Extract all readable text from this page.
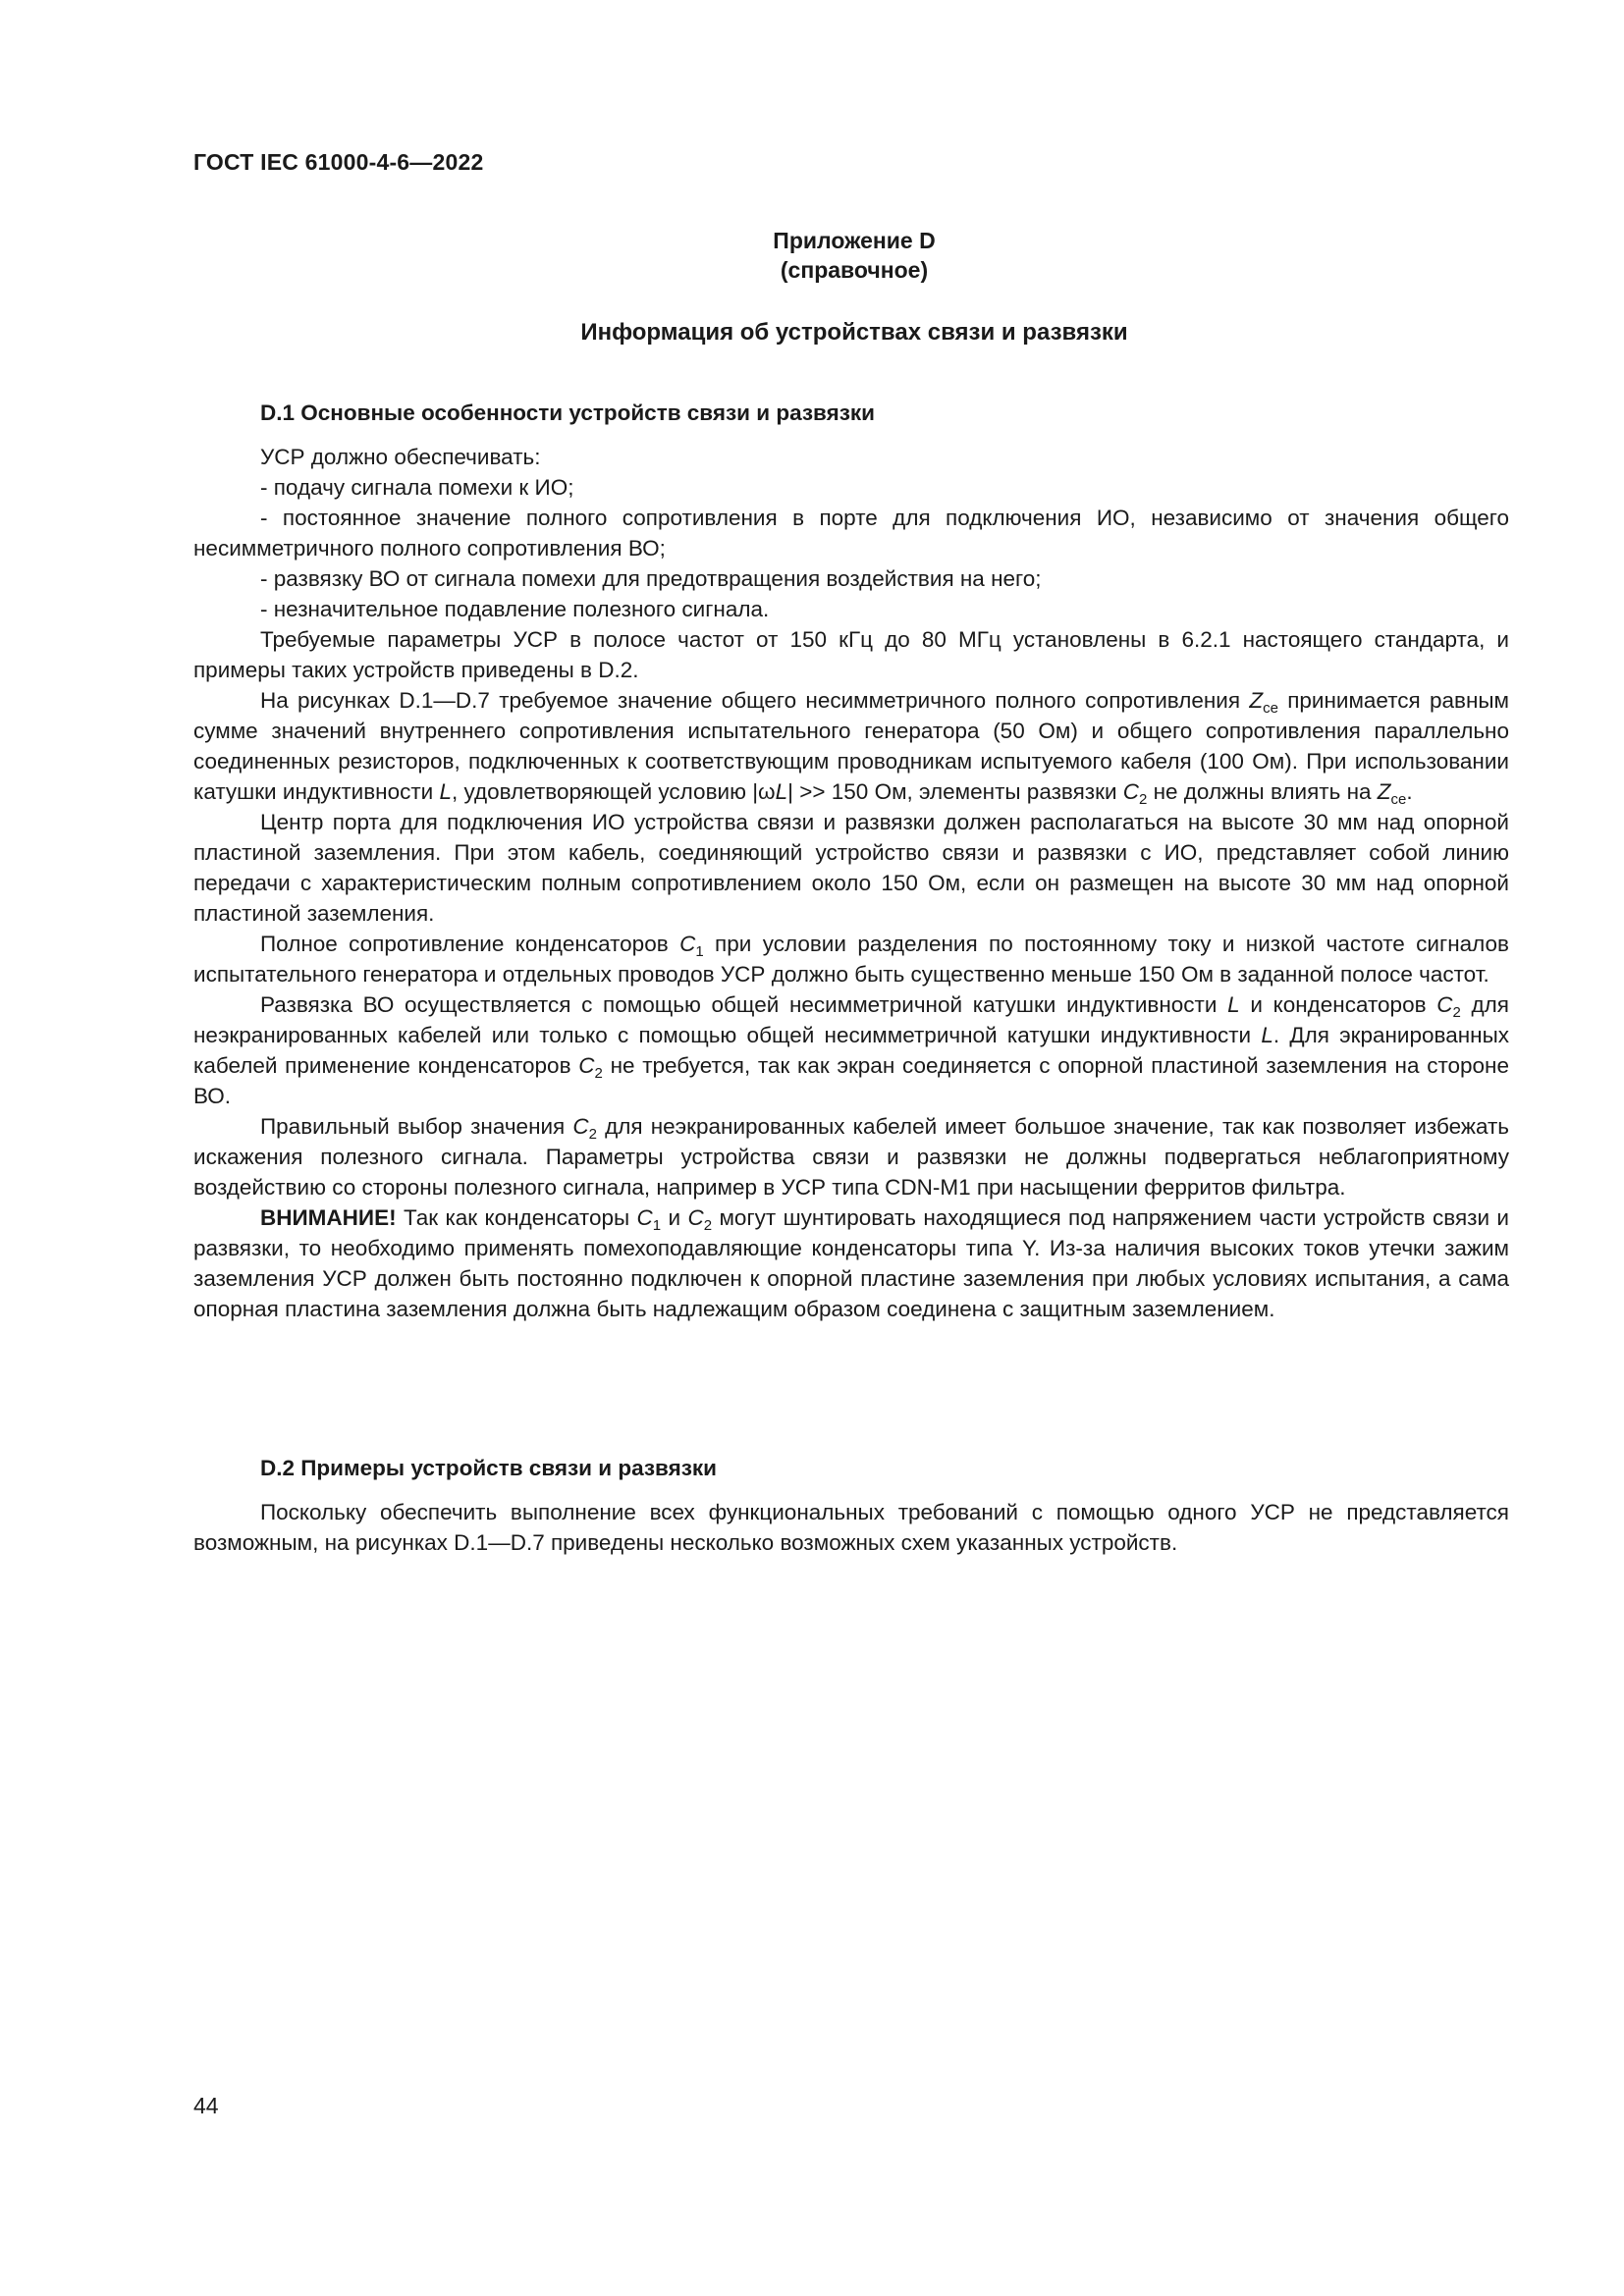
ГОСТ IEC 61000-4-6—2022
Приложение D
(справочное)
Информация об устройствах связи и развязки
D.1 Основные особенности устройств связи и развязки

УСР должно обеспечивать:

- подачу сигнала помехи к ИО;

- постоянное значение полного сопротивления в порте для подключения ИО, независимо от значения общего несимметричного полного сопротивления ВО;

- развязку ВО от сигнала помехи для предотвращения воздействия на него;

- незначительное подавление полезного сигнала.

Требуемые параметры УСР в полосе частот от 150 кГц до 80 МГц установлены в 6.2.1 настоящего стандарта, и примеры таких устройств приведены в D.2.

На рисунках D.1—D.7 требуемое значение общего несимметричного полного сопротивления $Z_{ce}$ принимается равным сумме значений внутреннего сопротивления испытательного генератора (50 Ом) и общего сопротивления параллельно соединенных резисторов, подключенных к соответствующим проводникам испытуемого кабеля (100 Ом). При использовании катушки индуктивности L, удовлетворяющей условию |ωL| >> 150 Ом, элементы развязки $C_2$ не должны влиять на $Z_{ce}$.

Центр порта для подключения ИО устройства связи и развязки должен располагаться на высоте 30 мм над опорной пластиной заземления. При этом кабель, соединяющий устройство связи и развязки с ИО, представляет собой линию передачи с характеристическим полным сопротивлением около 150 Ом, если он размещен на высоте 30 мм над опорной пластиной заземления.

Полное сопротивление конденсаторов $C_1$ при условии разделения по постоянному току и низкой частоте сигналов испытательного генератора и отдельных проводов УСР должно быть существенно меньше 150 Ом в заданной полосе частот.

Развязка ВО осуществляется с помощью общей несимметричной катушки индуктивности L и конденсаторов $C_2$ для неэкранированных кабелей или только с помощью общей несимметричной катушки индуктивности L. Для экранированных кабелей применение конденсаторов $C_2$ не требуется, так как экран соединяется с опорной пластиной заземления на стороне ВО.

Правильный выбор значения $C_2$ для неэкранированных кабелей имеет большое значение, так как позволяет избежать искажения полезного сигнала. Параметры устройства связи и развязки не должны подвергаться неблагоприятному воздействию со стороны полезного сигнала, например в УСР типа CDN-M1 при насыщении ферритов фильтра.

ВНИМАНИЕ! Так как конденсаторы $C_1$ и $C_2$ могут шунтировать находящиеся под напряжением части устройств связи и развязки, то необходимо применять помехоподавляющие конденсаторы типа Y. Из-за наличия высоких токов утечки зажим заземления УСР должен быть постоянно подключен к опорной пластине заземления при любых условиях испытания, а сама опорная пластина заземления должна быть надлежащим образом соединена с защитным заземлением.

D.2 Примеры устройств связи и развязки

Поскольку обеспечить выполнение всех функциональных требований с помощью одного УСР не представляется возможным, на рисунках D.1—D.7 приведены несколько возможных схем указанных устройств.

44
